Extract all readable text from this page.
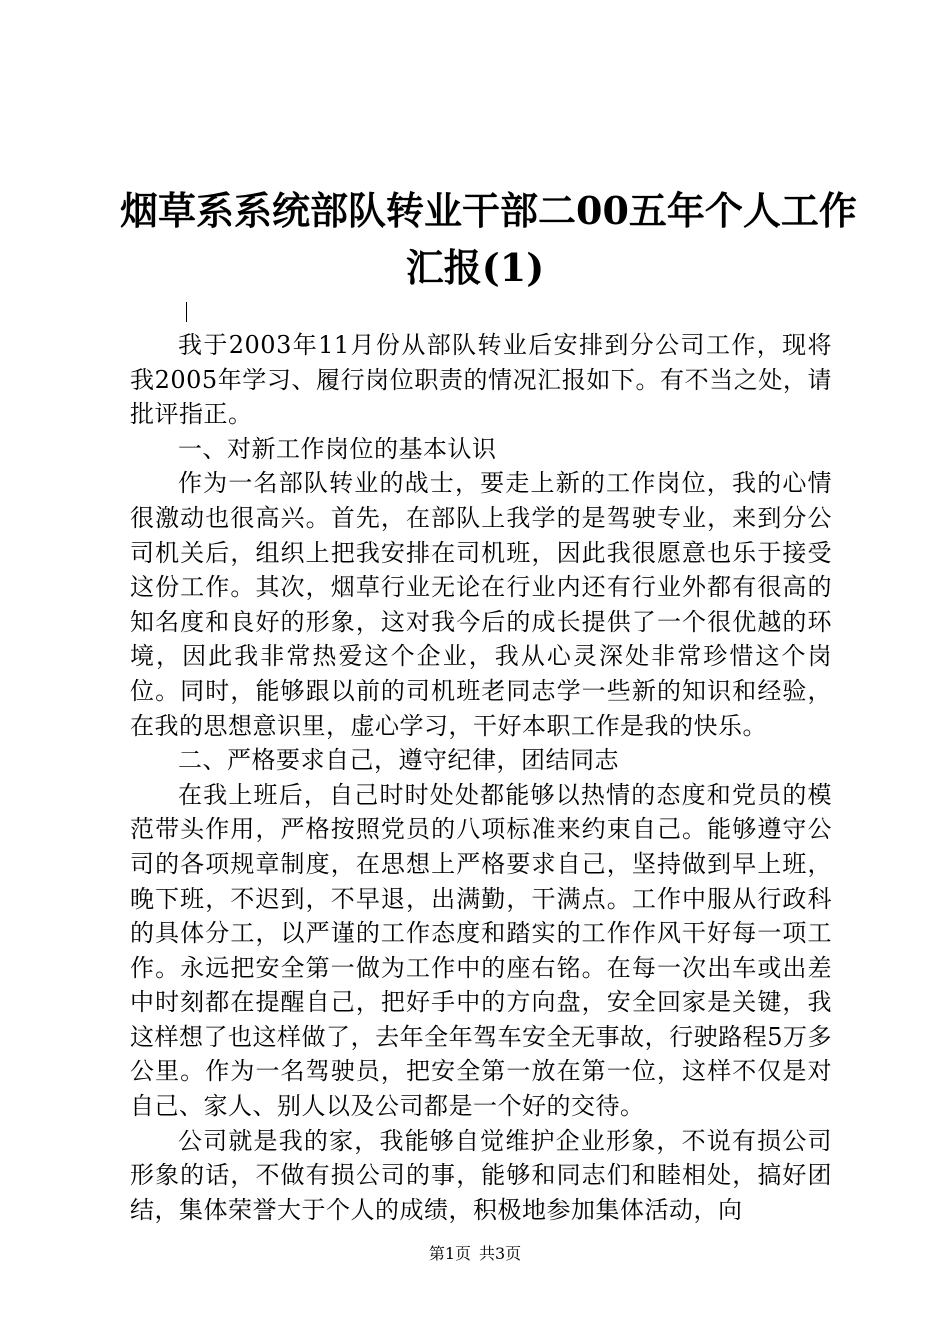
烟草系系统部队转业干部二00五年个人工作
汇报(1)

我于2003年11月份从部队转业后安排到分公司工作，现将我2005年学习、履行岗位职责的情况汇报如下。有不当之处，请批评指正。

一、对新工作岗位的基本认识

作为一名部队转业的战士，要走上新的工作岗位，我的心情很激动也很高兴。首先，在部队上我学的是驾驶专业，来到分公司机关后，组织上把我安排在司机班，因此我很愿意也乐于接受这份工作。其次，烟草行业无论在行业内还有行业外都有很高的知名度和良好的形象，这对我今后的成长提供了一个很优越的环境，因此我非常热爱这个企业，我从心灵深处非常珍惜这个岗位。同时，能够跟以前的司机班老同志学一些新的知识和经验，在我的思想意识里，虚心学习，干好本职工作是我的快乐。

二、严格要求自己，遵守纪律，团结同志

在我上班后，自己时时处处都能够以热情的态度和党员的模范带头作用，严格按照党员的八项标准来约束自己。能够遵守公司的各项规章制度，在思想上严格要求自己，坚持做到早上班，晚下班，不迟到，不早退，出满勤，干满点。工作中服从行政科的具体分工，以严谨的工作态度和踏实的工作作风干好每一项工作。永远把安全第一做为工作中的座右铭。在每一次出车或出差中时刻都在提醒自己，把好手中的方向盘，安全回家是关键，我这样想了也这样做了，去年全年驾车安全无事故，行驶路程5万多公里。作为一名驾驶员，把安全第一放在第一位，这样不仅是对自己、家人、别人以及公司都是一个好的交待。

公司就是我的家，我能够自觉维护企业形象，不说有损公司形象的话，不做有损公司的事，能够和同志们和睦相处，搞好团结，集体荣誉大于个人的成绩，积极地参加集体活动，向

第1页 共3页
